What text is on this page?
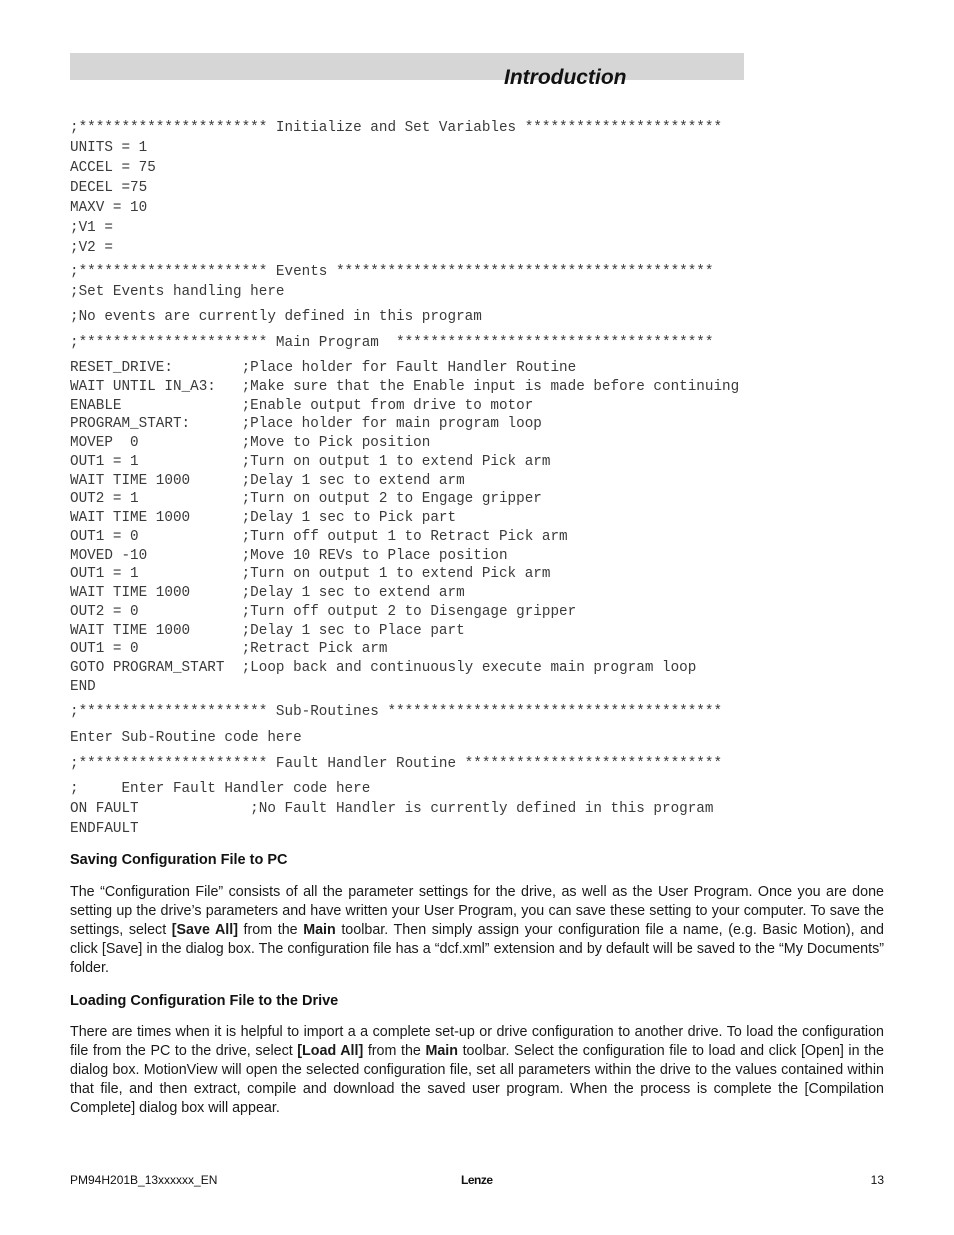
Introduction
;********************** Initialize and Set Variables ***********************
UNITS = 1
ACCEL = 75
DECEL =75
MAXV = 10
;V1 =
;V2 =
;********************** Events ********************************************
;Set Events handling here
;No events are currently defined in this program
;********************** Main Program  *************************************
RESET_DRIVE:        ;Place holder for Fault Handler Routine
WAIT UNTIL IN_A3:   ;Make sure that the Enable input is made before continuing
ENABLE              ;Enable output from drive to motor
PROGRAM_START:      ;Place holder for main program loop
MOVEP  0            ;Move to Pick position
OUT1 = 1            ;Turn on output 1 to extend Pick arm
WAIT TIME 1000      ;Delay 1 sec to extend arm
OUT2 = 1            ;Turn on output 2 to Engage gripper
WAIT TIME 1000      ;Delay 1 sec to Pick part
OUT1 = 0            ;Turn off output 1 to Retract Pick arm
MOVED -10           ;Move 10 REVs to Place position
OUT1 = 1            ;Turn on output 1 to extend Pick arm
WAIT TIME 1000      ;Delay 1 sec to extend arm
OUT2 = 0            ;Turn off output 2 to Disengage gripper
WAIT TIME 1000      ;Delay 1 sec to Place part
OUT1 = 0            ;Retract Pick arm
GOTO PROGRAM_START  ;Loop back and continuously execute main program loop
END
;********************** Sub-Routines ***************************************
Enter Sub-Routine code here
;********************** Fault Handler Routine ******************************
;     Enter Fault Handler code here
ON FAULT             ;No Fault Handler is currently defined in this program
ENDFAULT
Saving Configuration File to PC

The “Configuration File” consists of all the parameter settings for the drive, as well as the User Program. Once you are done setting up the drive’s parameters and have written your User Program, you can save these setting to your computer. To save the settings, select [Save All] from the Main toolbar. Then simply assign your configuration file a name, (e.g. Basic Motion), and click [Save] in the dialog box. The configuration file has a “dcf.xml” extension and by default will be saved to the “My Documents” folder.

Loading Configuration File to the Drive

There are times when it is helpful to import a a complete set-up or drive configuration to another drive. To load the configuration file from the PC to the drive, select [Load All] from the Main toolbar. Select the configuration file to load and click [Open] in the dialog box. MotionView will open the selected configuration file, set all parameters within the drive to the values contained within that file, and then extract, compile and download the saved user program. When the process is complete the [Compilation Complete] dialog box will appear.

PM94H201B_13xxxxxx_EN	Lenze	13
